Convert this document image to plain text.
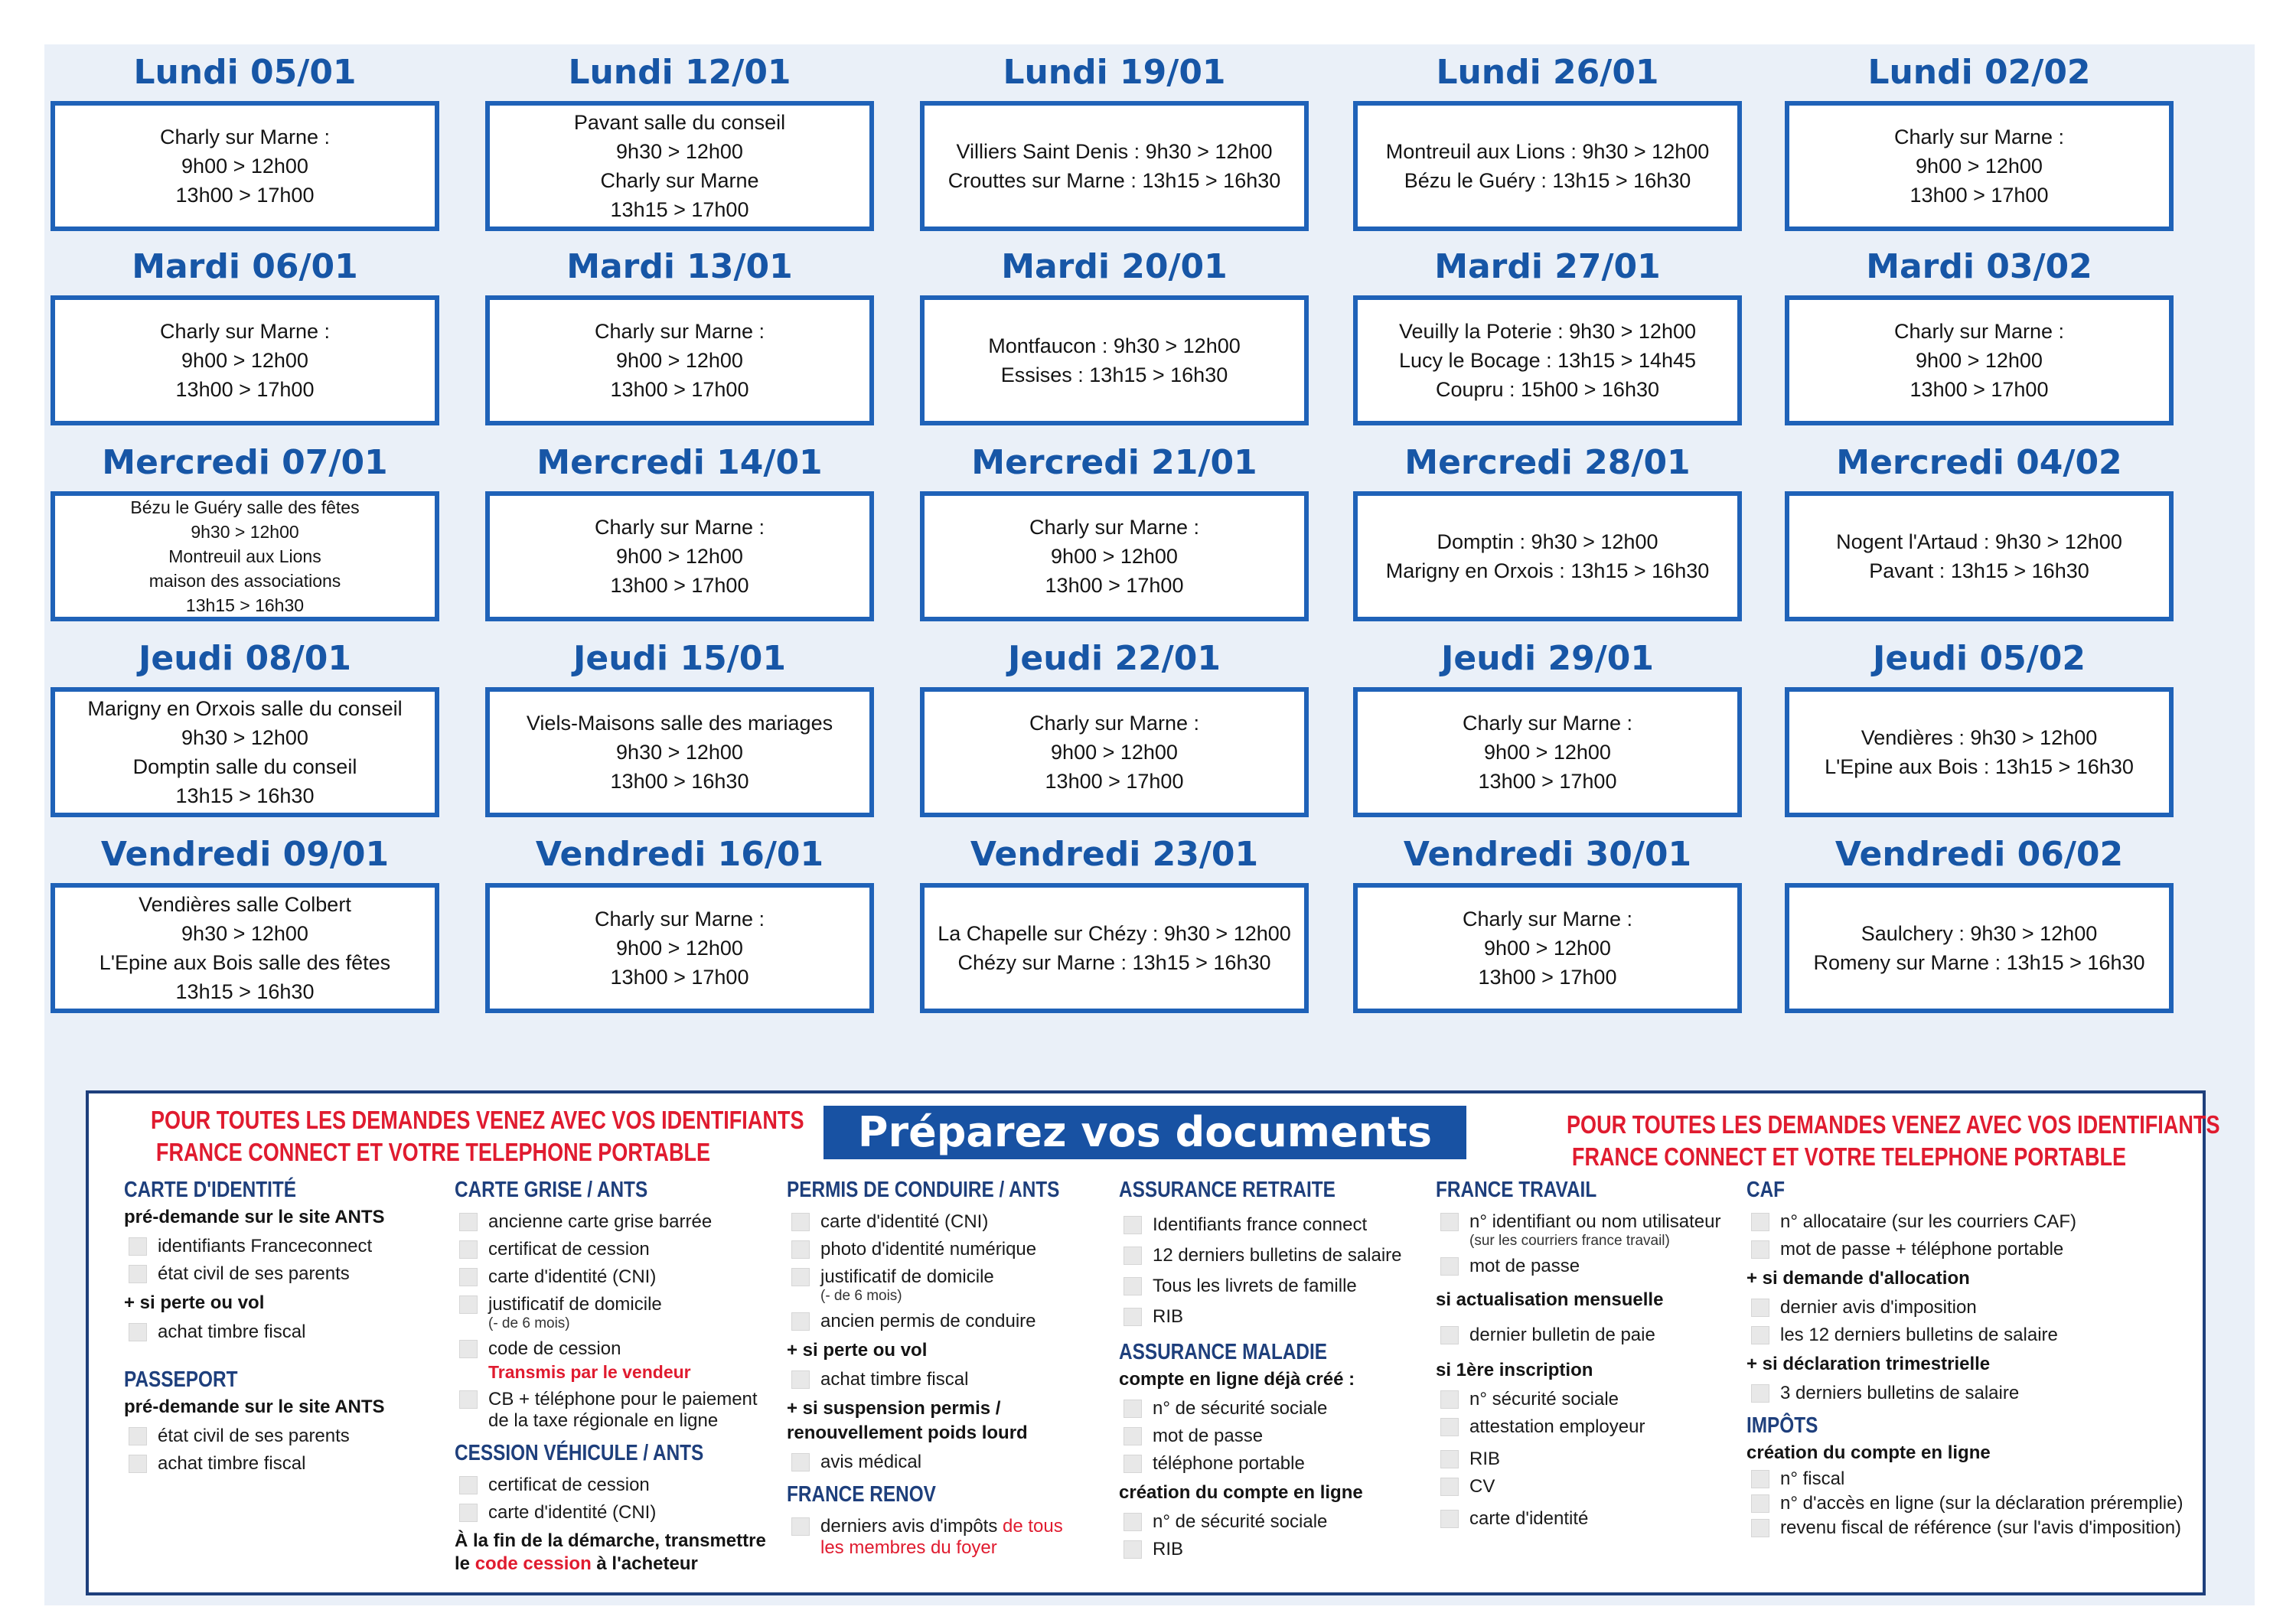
Lundi 05/01
Charly sur Marne :
9h00 > 12h00
13h00 > 17h00
Lundi 12/01
Pavant salle du conseil
9h30 > 12h00
Charly sur Marne
13h15 > 17h00
Lundi 19/01
Villiers Saint Denis : 9h30 > 12h00
Crouttes sur Marne : 13h15 > 16h30
Lundi 26/01
Montreuil aux Lions : 9h30 > 12h00
Bézu le Guéry : 13h15 > 16h30
Lundi 02/02
Charly sur Marne :
9h00 > 12h00
13h00 > 17h00
Mardi 06/01
Charly sur Marne :
9h00 > 12h00
13h00 > 17h00
Mardi 13/01
Charly sur Marne :
9h00 > 12h00
13h00 > 17h00
Mardi 20/01
Montfaucon : 9h30 > 12h00
Essises : 13h15 > 16h30
Mardi 27/01
Veuilly la Poterie : 9h30 > 12h00
Lucy le Bocage : 13h15 > 14h45
Coupru : 15h00 > 16h30
Mardi 03/02
Charly sur Marne :
9h00 > 12h00
13h00 > 17h00
Mercredi 07/01
Bézu le Guéry salle des fêtes
9h30 > 12h00
Montreuil aux Lions
maison des associations
13h15 > 16h30
Mercredi 14/01
Charly sur Marne :
9h00 > 12h00
13h00 > 17h00
Mercredi 21/01
Charly sur Marne :
9h00 > 12h00
13h00 > 17h00
Mercredi 28/01
Domptin : 9h30 > 12h00
Marigny en Orxois : 13h15 > 16h30
Mercredi 04/02
Nogent l'Artaud : 9h30 > 12h00
Pavant : 13h15 > 16h30
Jeudi 08/01
Marigny en Orxois salle du conseil
9h30 > 12h00
Domptin salle du conseil
13h15 > 16h30
Jeudi 15/01
Viels-Maisons salle des mariages
9h30 > 12h00
13h00 > 16h30
Jeudi 22/01
Charly sur Marne :
9h00 > 12h00
13h00 > 17h00
Jeudi 29/01
Charly sur Marne :
9h00 > 12h00
13h00 > 17h00
Jeudi 05/02
Vendières : 9h30 > 12h00
L'Epine aux Bois : 13h15 > 16h30
Vendredi 09/01
Vendières salle Colbert
9h30 > 12h00
L'Epine aux Bois salle des fêtes
13h15 > 16h30
Vendredi 16/01
Charly sur Marne :
9h00 > 12h00
13h00 > 17h00
Vendredi 23/01
La Chapelle sur Chézy : 9h30 > 12h00
Chézy sur Marne : 13h15 > 16h30
Vendredi 30/01
Charly sur Marne :
9h00 > 12h00
13h00 > 17h00
Vendredi 06/02
Saulchery : 9h30 > 12h00
Romeny sur Marne : 13h15 > 16h30
POUR TOUTES LES DEMANDES VENEZ AVEC VOS IDENTIFIANTS
FRANCE CONNECT ET VOTRE TELEPHONE PORTABLE	Préparez vos documents	POUR TOUTES LES DEMANDES VENEZ AVEC VOS IDENTIFIANTS
FRANCE CONNECT ET VOTRE TELEPHONE PORTABLE
CARTE D'IDENTITÉ
pré-demande sur le site ANTS
identifiants Franceconnect
état civil de ses parents
+ si perte ou vol
achat timbre fiscal
PASSEPORT
pré-demande sur le site ANTS
état civil de ses parents
achat timbre fiscal
CARTE GRISE / ANTS
ancienne carte grise barrée
certificat de cession
carte d'identité (CNI)
justificatif de domicile
(- de 6 mois)
code de cession
Transmis par le vendeur
CB + téléphone pour le paiement
de la taxe régionale en ligne
CESSION VÉHICULE / ANTS
certificat de cession
carte d'identité (CNI)
À la fin de la démarche, transmettre
le code cession à l'acheteur
PERMIS DE CONDUIRE / ANTS
carte d'identité (CNI)
photo d'identité numérique
justificatif de domicile
(- de 6 mois)
ancien permis de conduire
+ si perte ou vol
achat timbre fiscal
+ si suspension permis /
renouvellement poids lourd
avis médical
FRANCE RENOV
derniers avis d'impôts de tous
les membres du foyer
ASSURANCE RETRAITE
Identifiants france connect
12 derniers bulletins de salaire
Tous les livrets de famille
RIB
ASSURANCE MALADIE
compte en ligne déjà créé :
n° de sécurité sociale
mot de passe
téléphone portable
création du compte en ligne
n° de sécurité sociale
RIB
FRANCE TRAVAIL
n° identifiant ou nom utilisateur
(sur les courriers france travail)
mot de passe
si actualisation mensuelle
dernier bulletin de paie
si 1ère inscription
n° sécurité sociale
attestation employeur
RIB
CV
carte d'identité
CAF
n° allocataire (sur les courriers CAF)
mot de passe + téléphone portable
+ si demande d'allocation
dernier avis d'imposition
les 12 derniers bulletins de salaire
+ si déclaration trimestrielle
3 derniers bulletins de salaire
IMPÔTS
création du compte en ligne
n° fiscal
n° d'accès en ligne (sur la déclaration préremplie)
revenu fiscal de référence (sur l'avis d'imposition)
